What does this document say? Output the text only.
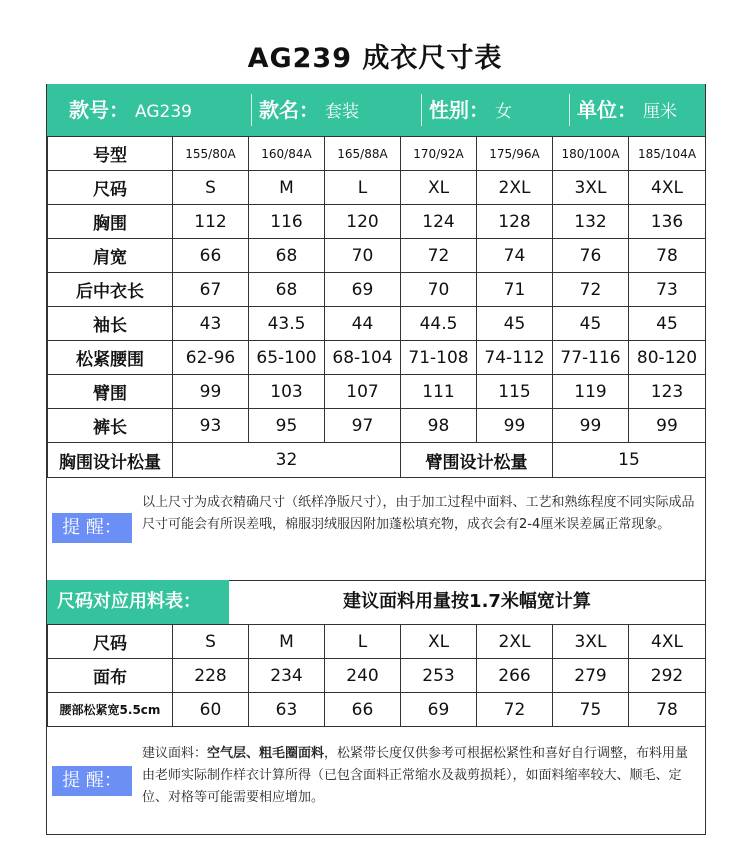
AG239 成衣尺寸表
款号： AG239	款名： 套装	性别： 女	单位： 厘米
号型	155/80A	160/84A	165/88A	170/92A	175/96A	180/100A	185/104A
尺码	S	M	L	XL	2XL	3XL	4XL
胸围	112	116	120	124	128	132	136
肩宽	66	68	70	72	74	76	78
后中衣长	67	68	69	70	71	72	73
袖长	43	43.5	44	44.5	45	45	45
松紧腰围	62-96	65-100	68-104	71-108	74-112	77-116	80-120
臂围	99	103	107	111	115	119	123
裤长	93	95	97	98	99	99	99
胸围设计松量	32			臂围设计松量		15	
提 醒：
以上尺寸为成衣精确尺寸（纸样净版尺寸），由于加工过程中面料、工艺和熟练程度不同实际成品尺寸可能会有所误差哦，棉服羽绒服因附加蓬松填充物，成衣会有2-4厘米误差属正常现象。
尺码对应用料表：	建议面料用量按1.7米幅宽计算
尺码	S	M	L	XL	2XL	3XL	4XL
面布	228	234	240	253	266	279	292
腰部松紧宽5.5cm	60	63	66	69	72	75	78
提 醒：
建议面料：空气层、粗毛圈面料，松紧带长度仅供参考可根据松紧性和喜好自行调整，布料用量由老师实际制作样衣计算所得（已包含面料正常缩水及裁剪损耗），如面料缩率较大、顺毛、定位、对格等可能需要相应增加。
